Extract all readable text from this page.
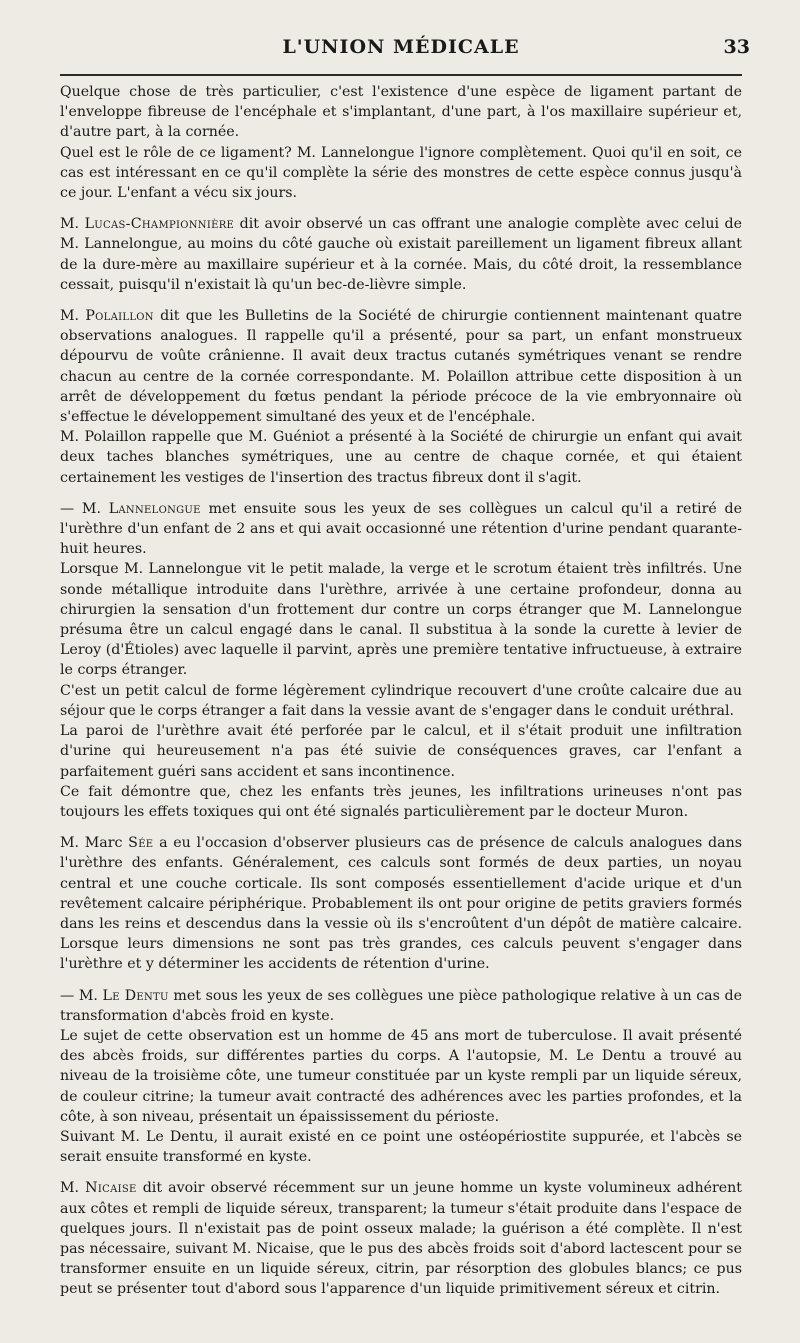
L'UNION MÉDICALE	33

Quelque chose de très particulier, c'est l'existence d'une espèce de ligament partant de l'enveloppe fibreuse de l'encéphale et s'implantant, d'une part, à l'os maxillaire supérieur et, d'autre part, à la cornée.

Quel est le rôle de ce ligament? M. Lannelongue l'ignore complètement. Quoi qu'il en soit, ce cas est intéressant en ce qu'il complète la série des monstres de cette espèce connus jusqu'à ce jour. L'enfant a vécu six jours.

M. Lucas-Championnière dit avoir observé un cas offrant une analogie complète avec celui de M. Lannelongue, au moins du côté gauche où existait pareillement un ligament fibreux allant de la dure-mère au maxillaire supérieur et à la cornée. Mais, du côté droit, la ressemblance cessait, puisqu'il n'existait là qu'un bec-de-lièvre simple.

M. Polaillon dit que les Bulletins de la Société de chirurgie contiennent maintenant quatre observations analogues. Il rappelle qu'il a présenté, pour sa part, un enfant monstrueux dépourvu de voûte crânienne. Il avait deux tractus cutanés symétriques venant se rendre chacun au centre de la cornée correspondante. M. Polaillon attribue cette disposition à un arrêt de développement du fœtus pendant la période précoce de la vie embryonnaire où s'effectue le développement simultané des yeux et de l'encéphale.

M. Polaillon rappelle que M. Guéniot a présenté à la Société de chirurgie un enfant qui avait deux taches blanches symétriques, une au centre de chaque cornée, et qui étaient certainement les vestiges de l'insertion des tractus fibreux dont il s'agit.

— M. Lannelongue met ensuite sous les yeux de ses collègues un calcul qu'il a retiré de l'urèthre d'un enfant de 2 ans et qui avait occasionné une rétention d'urine pendant quarante-huit heures.

Lorsque M. Lannelongue vit le petit malade, la verge et le scrotum étaient très infiltrés. Une sonde métallique introduite dans l'urèthre, arrivée à une certaine profondeur, donna au chirurgien la sensation d'un frottement dur contre un corps étranger que M. Lannelongue présuma être un calcul engagé dans le canal. Il substitua à la sonde la curette à levier de Leroy (d'Étioles) avec laquelle il parvint, après une première tentative infructueuse, à extraire le corps étranger.

C'est un petit calcul de forme légèrement cylindrique recouvert d'une croûte calcaire due au séjour que le corps étranger a fait dans la vessie avant de s'engager dans le conduit uréthral.

La paroi de l'urèthre avait été perforée par le calcul, et il s'était produit une infiltration d'urine qui heureusement n'a pas été suivie de conséquences graves, car l'enfant a parfaitement guéri sans accident et sans incontinence.

Ce fait démontre que, chez les enfants très jeunes, les infiltrations urineuses n'ont pas toujours les effets toxiques qui ont été signalés particulièrement par le docteur Muron.

M. Marc Sée a eu l'occasion d'observer plusieurs cas de présence de calculs analogues dans l'urèthre des enfants. Généralement, ces calculs sont formés de deux parties, un noyau central et une couche corticale. Ils sont composés essentiellement d'acide urique et d'un revêtement calcaire périphérique. Probablement ils ont pour origine de petits graviers formés dans les reins et descendus dans la vessie où ils s'encroûtent d'un dépôt de matière calcaire. Lorsque leurs dimensions ne sont pas très grandes, ces calculs peuvent s'engager dans l'urèthre et y déterminer les accidents de rétention d'urine.

— M. Le Dentu met sous les yeux de ses collègues une pièce pathologique relative à un cas de transformation d'abcès froid en kyste.

Le sujet de cette observation est un homme de 45 ans mort de tuberculose. Il avait présenté des abcès froids, sur différentes parties du corps. A l'autopsie, M. Le Dentu a trouvé au niveau de la troisième côte, une tumeur constituée par un kyste rempli par un liquide séreux, de couleur citrine; la tumeur avait contracté des adhérences avec les parties profondes, et la côte, à son niveau, présentait un épaississement du périoste.

Suivant M. Le Dentu, il aurait existé en ce point une ostéopériostite suppurée, et l'abcès se serait ensuite transformé en kyste.

M. Nicaise dit avoir observé récemment sur un jeune homme un kyste volumineux adhérent aux côtes et rempli de liquide séreux, transparent; la tumeur s'était produite dans l'espace de quelques jours. Il n'existait pas de point osseux malade; la guérison a été complète. Il n'est pas nécessaire, suivant M. Nicaise, que le pus des abcès froids soit d'abord lactescent pour se transformer ensuite en un liquide séreux, citrin, par résorption des globules blancs; ce pus peut se présenter tout d'abord sous l'apparence d'un liquide primitivement séreux et citrin.
